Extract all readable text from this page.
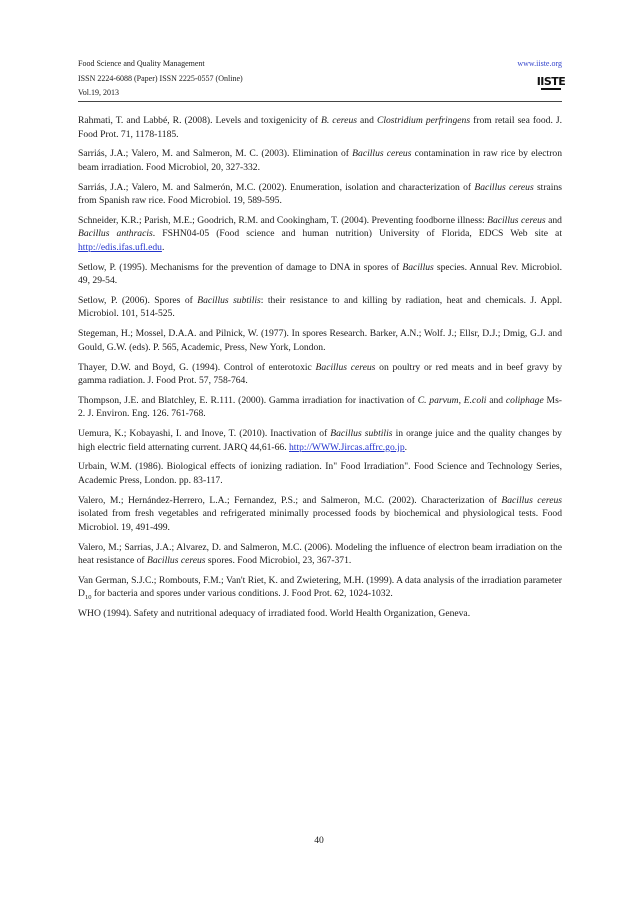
Food Science and Quality Management
ISSN 2224-6088 (Paper) ISSN 2225-0557 (Online)
Vol.19, 2013
www.iiste.org
IISTE

Rahmati, T. and Labbé, R. (2008). Levels and toxigenicity of B. cereus and Clostridium perfringens from retail sea food. J. Food Prot. 71, 1178-1185.

Sarriás, J.A.; Valero, M. and Salmeron, M. C. (2003). Elimination of Bacillus cereus contamination in raw rice by electron beam irradiation. Food Microbiol, 20, 327-332.

Sarriás, J.A.; Valero, M. and Salmerón, M.C. (2002). Enumeration, isolation and characterization of Bacillus cereus strains from Spanish raw rice. Food Microbiol. 19, 589-595.

Schneider, K.R.; Parish, M.E.; Goodrich, R.M. and Cookingham, T. (2004). Preventing foodborne illness: Bacillus cereus and Bacillus anthracis. FSHN04-05 (Food science and human nutrition) University of Florida, EDCS Web site at http://edis.ifas.ufl.edu.

Setlow, P. (1995). Mechanisms for the prevention of damage to DNA in spores of Bacillus species. Annual Rev. Microbiol. 49, 29-54.

Setlow, P. (2006). Spores of Bacillus subtilis: their resistance to and killing by radiation, heat and chemicals. J. Appl. Microbiol. 101, 514-525.

Stegeman, H.; Mossel, D.A.A. and Pilnick, W. (1977). In spores Research. Barker, A.N.; Wolf. J.; Ellsr, D.J.; Dmig, G.J. and Gould, G.W. (eds). P. 565, Academic, Press, New York, London.

Thayer, D.W. and Boyd, G. (1994). Control of enterotoxic Bacillus cereus on poultry or red meats and in beef gravy by gamma radiation. J. Food Prot. 57, 758-764.

Thompson, J.E. and Blatchley, E. R.111. (2000). Gamma irradiation for inactivation of C. parvum, E.coli and coliphage Ms-2. J. Environ. Eng. 126. 761-768.

Uemura, K.; Kobayashi, I. and Inove, T. (2010). Inactivation of Bacillus subtilis in orange juice and the quality changes by high electric field atternating current. JARQ 44,61-66. http://WWW.Jircas.affrc.go.jp.

Urbain, W.M. (1986). Biological effects of ionizing radiation. In" Food Irradiation". Food Science and Technology Series, Academic Press, London. pp. 83-117.

Valero, M.; Hernández-Herrero, L.A.; Fernandez, P.S.; and Salmeron, M.C. (2002). Characterization of Bacillus cereus isolated from fresh vegetables and refrigerated minimally processed foods by biochemical and physiological tests. Food Microbiol. 19, 491-499.

Valero, M.; Sarrias, J.A.; Alvarez, D. and Salmeron, M.C. (2006). Modeling the influence of electron beam irradiation on the heat resistance of Bacillus cereus spores. Food Microbiol, 23, 367-371.

Van German, S.J.C.; Rombouts, F.M.; Van't Riet, K. and Zwietering, M.H. (1999). A data analysis of the irradiation parameter $D_{10}$ for bacteria and spores under various conditions. J. Food Prot. 62, 1024-1032.

WHO (1994). Safety and nutritional adequacy of irradiated food. World Health Organization, Geneva.

40
